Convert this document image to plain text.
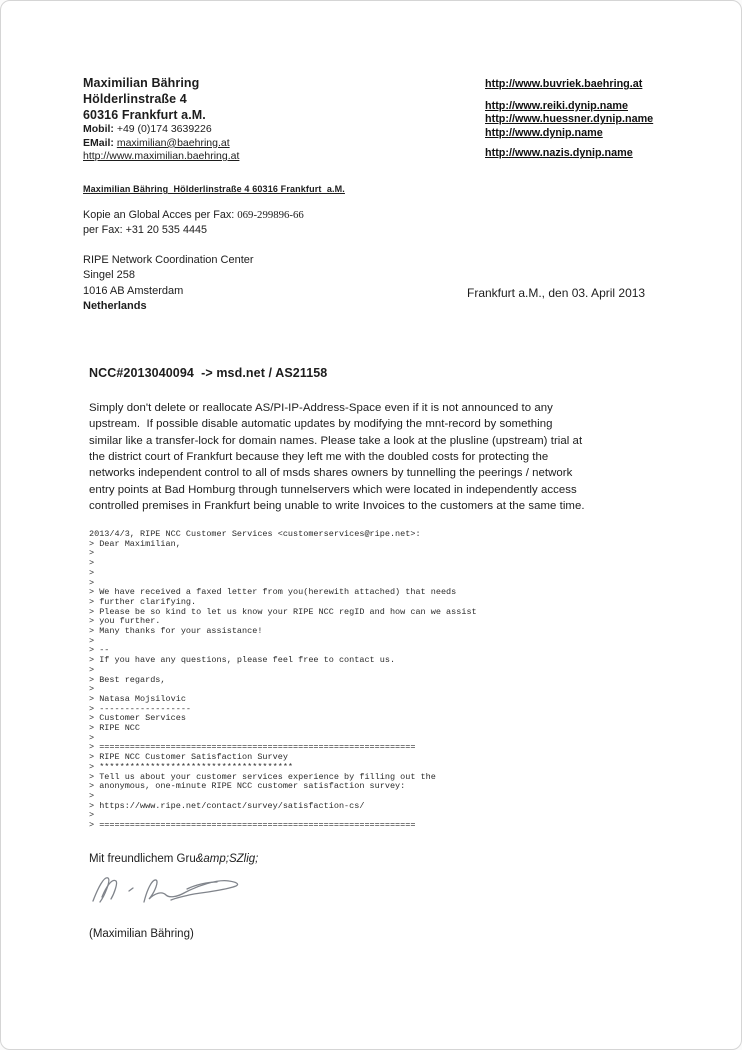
Maximilian Bähring
Hölderlinstraße 4
60316 Frankfurt a.M.
Mobil: +49 (0)174 3639226
EMail: maximilian@baehring.at
http://www.maximilian.baehring.at
http://www.buvriek.baehring.at
http://www.reiki.dynip.name
http://www.huessner.dynip.name
http://www.dynip.name
http://www.nazis.dynip.name
Maximilian Bähring  Hölderlinstraße 4 60316 Frankfurt  a.M.
Kopie an Global Acces per Fax: 069-299896-66
per Fax: +31 20 535 4445
RIPE Network Coordination Center
Singel 258
1016 AB Amsterdam
Netherlands
Frankfurt a.M., den 03. April 2013
NCC#2013040094  -> msd.net / AS21158
Simply don't delete or reallocate AS/PI-IP-Address-Space even if it is not announced to any
upstream.  If possible disable automatic updates by modifying the mnt-record by something
similar like a transfer-lock for domain names. Please take a look at the plusline (upstream) trial at
the district court of Frankfurt because they left me with the doubled costs for protecting the
networks independent control to all of msds shares owners by tunnelling the peerings / network
entry points at Bad Homburg through tunnelservers which were located in independently access
controlled premises in Frankfurt being unable to write Invoices to the customers at the same time.
2013/4/3, RIPE NCC Customer Services <customerservices@ripe.net>:
> Dear Maximilian,
>
>
>
>
> We have received a faxed letter from you(herewith attached) that needs
> further clarifying.
> Please be so kind to let us know your RIPE NCC regID and how can we assist
> you further.
> Many thanks for your assistance!
>
> --
> If you have any questions, please feel free to contact us.
>
> Best regards,
>
> Natasa Mojsilovic
> ------------------
> Customer Services
> RIPE NCC
>
> ==============================================================
> RIPE NCC Customer Satisfaction Survey
> **************************************
> Tell us about your customer services experience by filling out the
> anonymous, one-minute RIPE NCC customer satisfaction survey:
>
> https://www.ripe.net/contact/survey/satisfaction-cs/
>
> ==============================================================
Mit freundlichem Gru&amp;SZlig;
(Maximilian Bähring)
